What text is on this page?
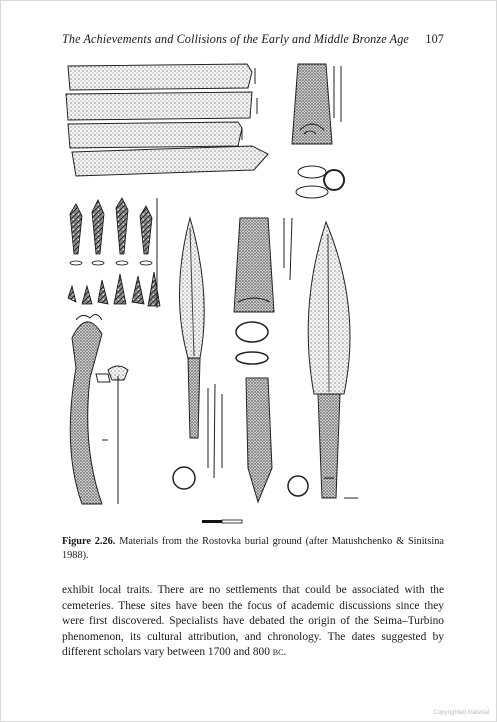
The Achievements and Collisions of the Early and Middle Bronze Age 107
Figure 2.26. Materials from the Rostovka burial ground (after Matushchenko & Sinitsina 1988).
exhibit local traits. There are no settlements that could be associated with the cemeteries. These sites have been the focus of academic discussions since they were first discovered. Specialists have debated the origin of the Seima–Turbino phenomenon, its cultural attribution, and chronology. The dates suggested by different scholars vary between 1700 and 800 bc.
Copyrighted material
